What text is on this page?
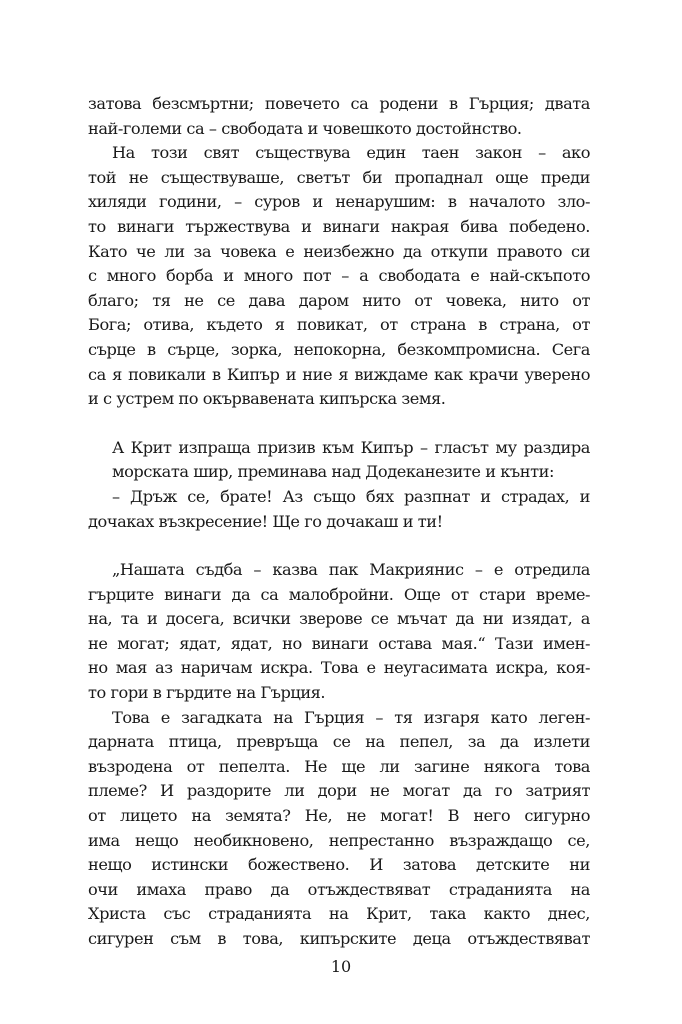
затова безсмъртни; повечето са родени в Гърция; двата
най-големи са – свободата и човешкото достойнство.
На този свят съществува един таен закон – ако
той не съществуваше, светът би пропаднал още преди
хиляди години, – суров и ненарушим: в началото зло-
то винаги тържествува и винаги накрая бива победено.
Като че ли за човека е неизбежно да откупи правото си
с много борба и много пот – а свободата е най-скъпото
благо; тя не се дава даром нито от човека, нито от
Бога; отива, където я повикат, от страна в страна, от
сърце в сърце, зорка, непокорна, безкомпромисна. Сега
са я повикали в Кипър и ние я виждаме как крачи уверено
и с устрем по окървавената кипърска земя.
А Крит изпраща призив към Кипър – гласът му раздира
морската шир, преминава над Додеканезите и кънти:
– Дръж се, брате! Аз също бях разпнат и страдах, и
дочаках възкресение! Ще го дочакаш и ти!
„Нашата съдба – казва пак Макриянис – е отредила
гърците винаги да са малобройни. Още от стари време-
на, та и досега, всички зверове се мъчат да ни изядат, а
не могат; ядат, ядат, но винаги остава мая.“ Тази имен-
но мая аз наричам искра. Това е неугасимата искра, коя-
то гори в гърдите на Гърция.
Това е загадката на Гърция – тя изгаря като леген-
дарната птица, превръща се на пепел, за да излети
възродена от пепелта. Не ще ли загине някога това
племе? И раздорите ли дори не могат да го затрият
от лицето на земята? Не, не могат! В него сигурно
има нещо необикновено, непрестанно възраждащо се,
нещо истински божествено. И затова детските ни
очи имаха право да отъждествяват страданията на
Христа със страданията на Крит, така както днес,
сигурен съм в това, кипърските деца отъждествяват
10
